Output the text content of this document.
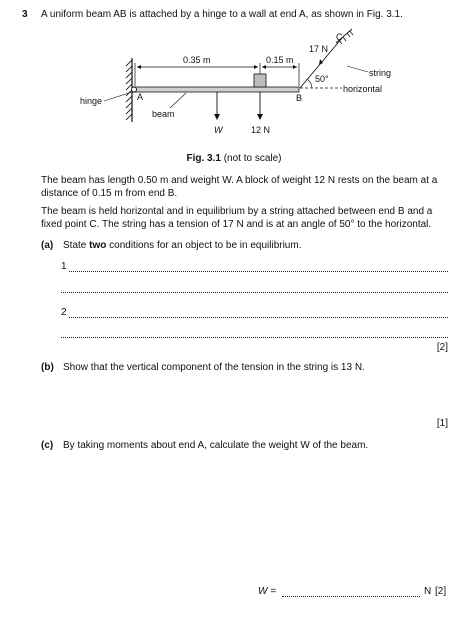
3 A uniform beam AB is attached by a hinge to a wall at end A, as shown in Fig. 3.1.
0.35 m	0.15 m
17 N
C
string
50°
horizontal
B
A
hinge
beam
W	12 N
Fig. 3.1 (not to scale)
The beam has length 0.50 m and weight W. A block of weight 12 N rests on the beam at a distance of 0.15 m from end B.
The beam is held horizontal and in equilibrium by a string attached between end B and a fixed point C. The string has a tension of 17 N and is at an angle of 50° to the horizontal.
(a) State two conditions for an object to be in equilibrium.
1
2
[2]
(b) Show that the vertical component of the tension in the string is 13 N.
[1]
(c) By taking moments about end A, calculate the weight W of the beam.
W =	N [2]
